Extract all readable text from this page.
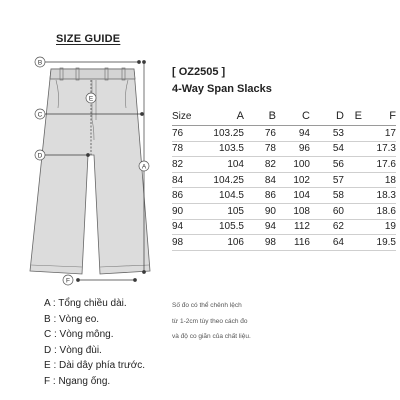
SIZE GUIDE
B
C
D
E
A
F
[ OZ2505 ]
4-Way Span Slacks
Size	A	B	C	D	E	F
76	103.25	76	94	53		17
78	103.5	78	96	54		17.3
82	104	82	100	56		17.6
84	104.25	84	102	57		18
86	104.5	86	104	58		18.3
90	105	90	108	60		18.6
94	105.5	94	112	62		19
98	106	98	116	64		19.5
A : Tổng chiều dài.
B : Vòng eo.
C : Vòng mông.
D : Vòng đùi.
E : Dài dây phía trước.
F : Ngang ống.
Số đo có thể chênh lệch
từ 1-2cm tùy theo cách đo
và độ co giãn của chất liệu.
